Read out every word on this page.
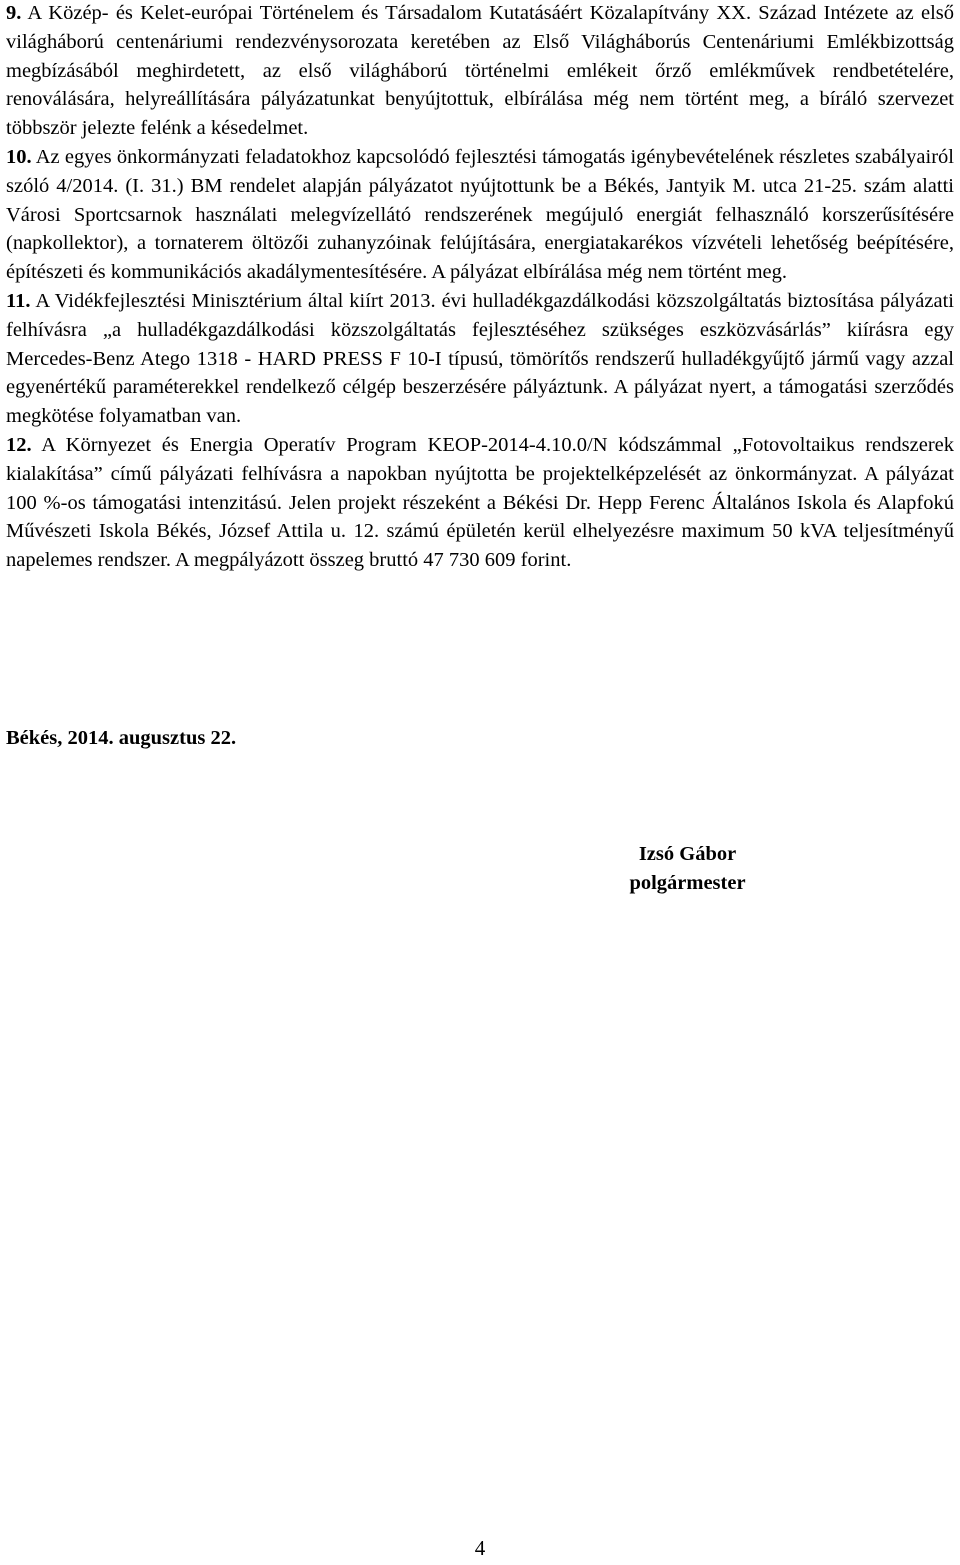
9. A Közép- és Kelet-európai Történelem és Társadalom Kutatásáért Közalapítvány XX. Század Intézete az első világháború centenáriumi rendezvénysorozata keretében az Első Világháborús Centenáriumi Emlékbizottság megbízásából meghirdetett, az első világháború történelmi emlékeit őrző emlékművek rendbetételére, renoválására, helyreállítására pályázatunkat benyújtottuk, elbírálása még nem történt meg, a bíráló szervezet többször jelezte felénk a késedelmet.

10. Az egyes önkormányzati feladatokhoz kapcsolódó fejlesztési támogatás igénybevételének részletes szabályairól szóló 4/2014. (I. 31.) BM rendelet alapján pályázatot nyújtottunk be a Békés, Jantyik M. utca 21-25. szám alatti Városi Sportcsarnok használati melegvízellátó rendszerének megújuló energiát felhasználó korszerűsítésére (napkollektor), a tornaterem öltözői zuhanyzóinak felújítására, energiatakarékos vízvételi lehetőség beépítésére, építészeti és kommunikációs akadálymentesítésére. A pályázat elbírálása még nem történt meg.

11. A Vidékfejlesztési Minisztérium által kiírt 2013. évi hulladékgazdálkodási közszolgáltatás biztosítása pályázati felhívásra „a hulladékgazdálkodási közszolgáltatás fejlesztéséhez szükséges eszközvásárlás” kiírásra egy Mercedes-Benz Atego 1318 - HARD PRESS F 10-I típusú, tömörítős rendszerű hulladékgyűjtő jármű vagy azzal egyenértékű paraméterekkel rendelkező célgép beszerzésére pályáztunk. A pályázat nyert, a támogatási szerződés megkötése folyamatban van.

12. A Környezet és Energia Operatív Program KEOP-2014-4.10.0/N kódszámmal „Fotovoltaikus rendszerek kialakítása” című pályázati felhívásra a napokban nyújtotta be projektelképzelését az önkormányzat. A pályázat 100 %-os támogatási intenzitású. Jelen projekt részeként a Békési Dr. Hepp Ferenc Általános Iskola és Alapfokú Művészeti Iskola Békés, József Attila u. 12. számú épületén kerül elhelyezésre maximum 50 kVA teljesítményű napelemes rendszer. A megpályázott összeg bruttó 47 730 609 forint.

Békés, 2014. augusztus 22.
Izsó Gábor
polgármester
4
